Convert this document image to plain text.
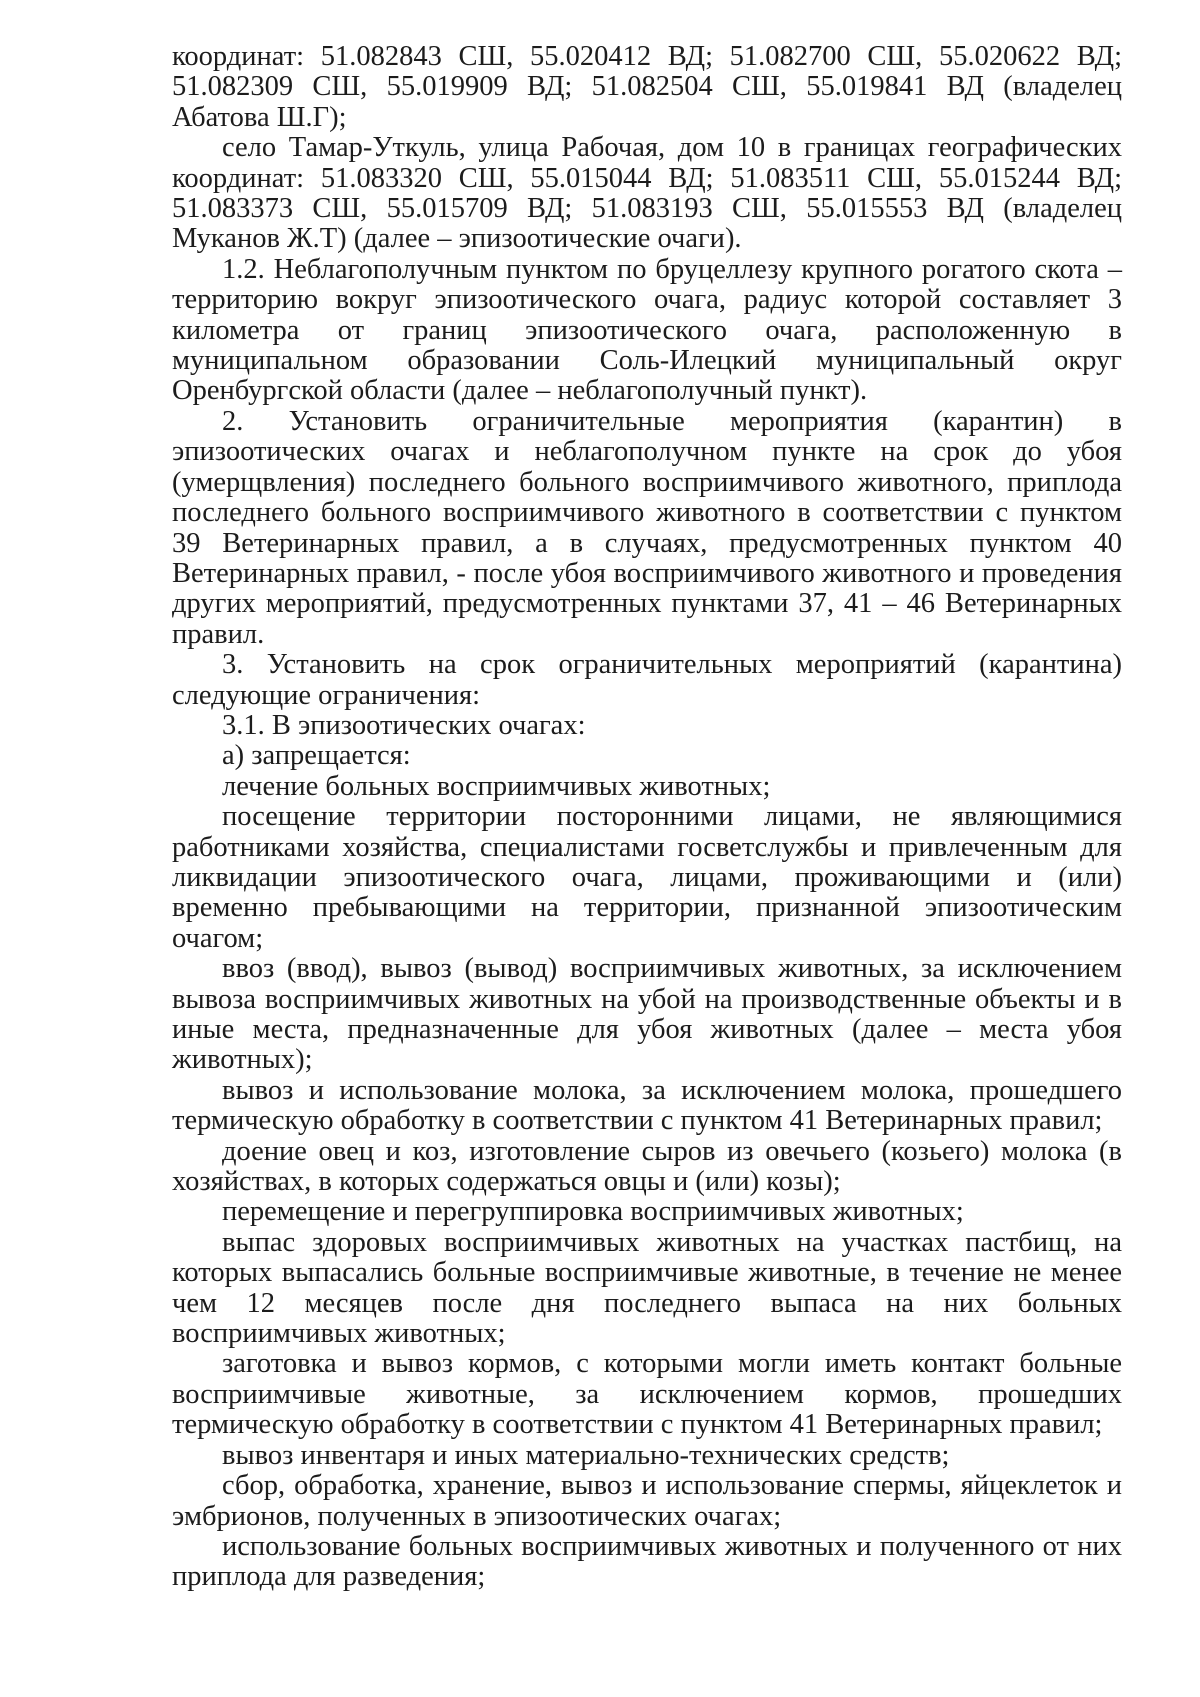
координат: 51.082843 СШ, 55.020412 ВД; 51.082700 СШ, 55.020622 ВД; 51.082309 СШ, 55.019909 ВД; 51.082504 СШ, 55.019841 ВД (владелец Абатова Ш.Г);

село Тамар-Уткуль, улица Рабочая, дом 10 в границах географических координат: 51.083320 СШ, 55.015044 ВД; 51.083511 СШ, 55.015244 ВД; 51.083373 СШ, 55.015709 ВД; 51.083193 СШ, 55.015553 ВД (владелец Муканов Ж.Т) (далее – эпизоотические очаги).

1.2. Неблагополучным пунктом по бруцеллезу крупного рогатого скота – территорию вокруг эпизоотического очага, радиус которой составляет 3 километра от границ эпизоотического очага, расположенную в муниципальном образовании Соль-Илецкий муниципальный округ Оренбургской области (далее – неблагополучный пункт).

2. Установить ограничительные мероприятия (карантин) в эпизоотических очагах и неблагополучном пункте на срок до убоя (умерщвления) последнего больного восприимчивого животного, приплода последнего больного восприимчивого животного в соответствии с пунктом 39 Ветеринарных правил, а в случаях, предусмотренных пунктом 40 Ветеринарных правил, - после убоя восприимчивого животного и проведения других мероприятий, предусмотренных пунктами 37, 41 – 46 Ветеринарных правил.

3. Установить на срок ограничительных мероприятий (карантина) следующие ограничения:

3.1. В эпизоотических очагах:

а) запрещается:

лечение больных восприимчивых животных;

посещение территории посторонними лицами, не являющимися работниками хозяйства, специалистами госветслужбы и привлеченным для ликвидации эпизоотического очага, лицами, проживающими и (или) временно пребывающими на территории, признанной эпизоотическим очагом;

ввоз (ввод), вывоз (вывод) восприимчивых животных, за исключением вывоза восприимчивых животных на убой на производственные объекты и в иные места, предназначенные для убоя животных (далее – места убоя животных);

вывоз и использование молока, за исключением молока, прошедшего термическую обработку в соответствии с пунктом 41 Ветеринарных правил;

доение овец и коз, изготовление сыров из овечьего (козьего) молока (в хозяйствах, в которых содержаться овцы и (или) козы);

перемещение и перегруппировка восприимчивых животных;

выпас здоровых восприимчивых животных на участках пастбищ, на которых выпасались больные восприимчивые животные, в течение не менее чем 12 месяцев после дня последнего выпаса на них больных восприимчивых животных;

заготовка и вывоз кормов, с которыми могли иметь контакт больные восприимчивые животные, за исключением кормов, прошедших термическую обработку в соответствии с пунктом 41 Ветеринарных правил;

вывоз инвентаря и иных материально-технических средств;

сбор, обработка, хранение, вывоз и использование спермы, яйцеклеток и эмбрионов, полученных в эпизоотических очагах;

использование больных восприимчивых животных и полученного от них приплода для разведения;
